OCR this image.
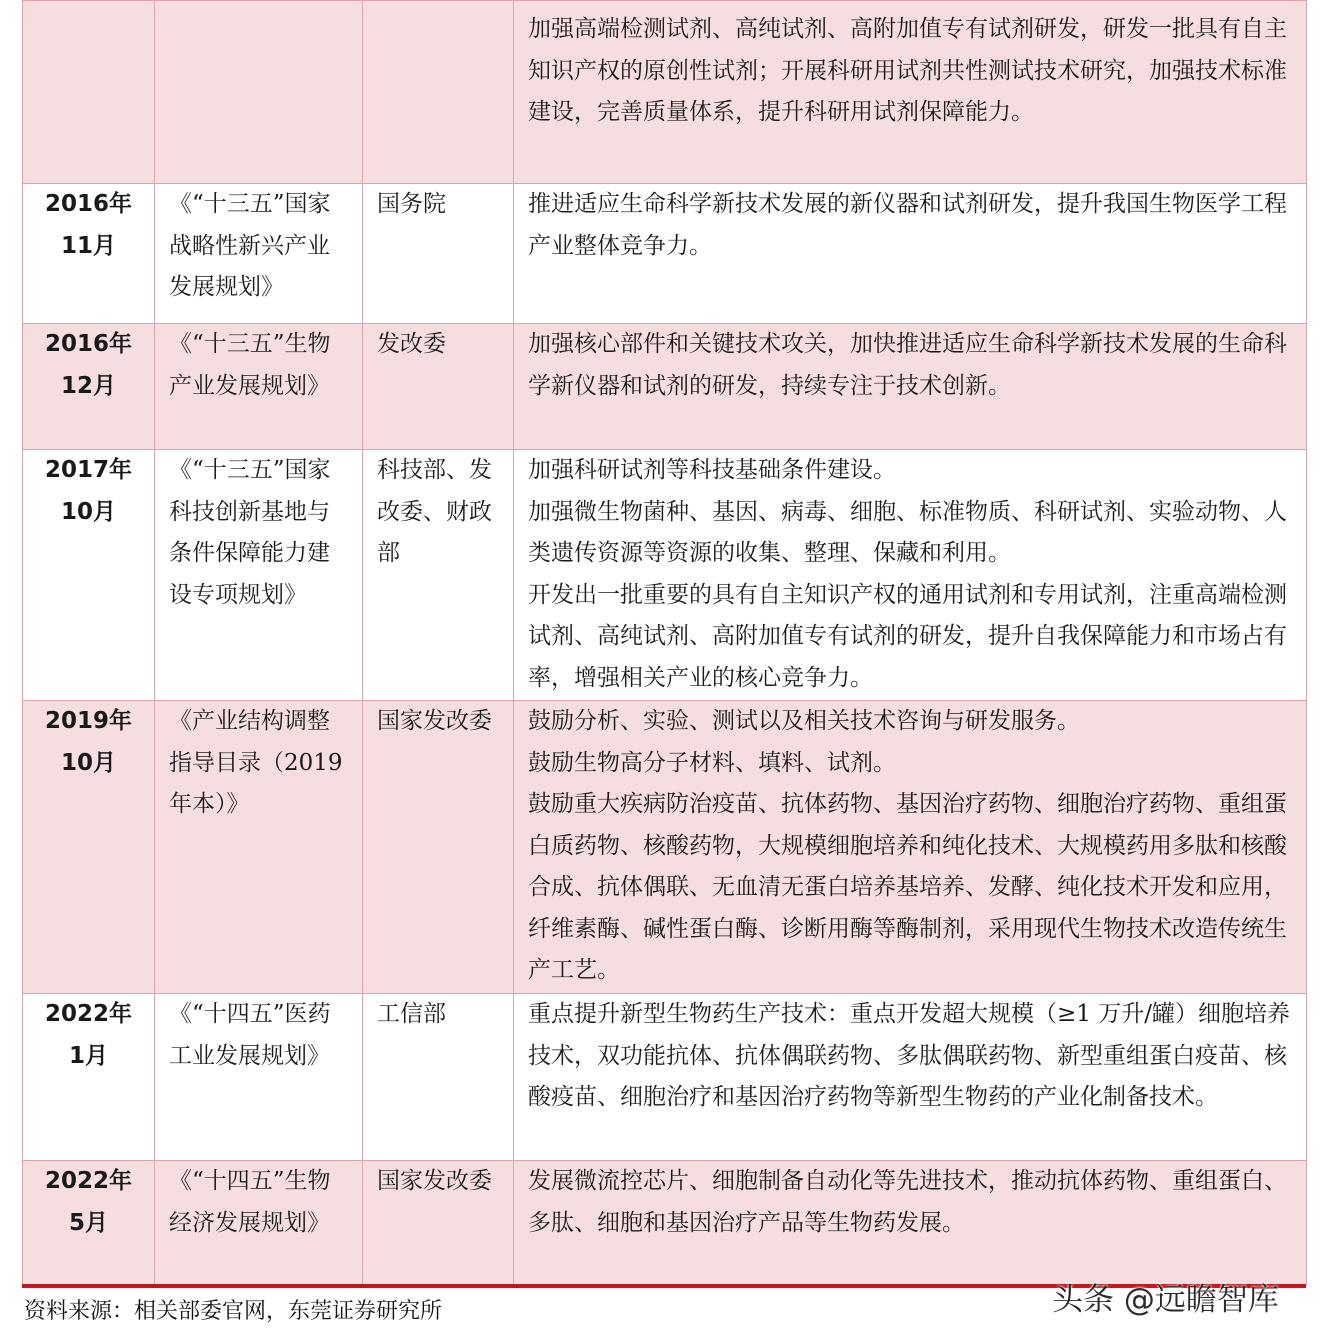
			加强高端检测试剂、高纯试剂、高附加值专有试剂研发，研发一批具有自主知识产权的原创性试剂；开展科研用试剂共性测试技术研究，加强技术标准建设，完善质量体系，提升科研用试剂保障能力。

2016年11月	《“十三五”国家战略性新兴产业发展规划》	国务院	推进适应生命科学新技术发展的新仪器和试剂研发，提升我国生物医学工程产业整体竞争力。

2016年12月	《“十三五”生物产业发展规划》	发改委	加强核心部件和关键技术攻关，加快推进适应生命科学新技术发展的生命科学新仪器和试剂的研发，持续专注于技术创新。

2017年10月	《“十三五”国家科技创新基地与条件保障能力建设专项规划》	科技部、发改委、财政部	加强科研试剂等科技基础条件建设。
加强微生物菌种、基因、病毒、细胞、标准物质、科研试剂、实验动物、人类遗传资源等资源的收集、整理、保藏和利用。
开发出一批重要的具有自主知识产权的通用试剂和专用试剂，注重高端检测试剂、高纯试剂、高附加值专有试剂的研发，提升自我保障能力和市场占有率，增强相关产业的核心竞争力。

2019年10月	《产业结构调整指导目录（2019年本）》	国家发改委	鼓励分析、实验、测试以及相关技术咨询与研发服务。
鼓励生物高分子材料、填料、试剂。
鼓励重大疾病防治疫苗、抗体药物、基因治疗药物、细胞治疗药物、重组蛋白质药物、核酸药物，大规模细胞培养和纯化技术、大规模药用多肽和核酸合成、抗体偶联、无血清无蛋白培养基培养、发酵、纯化技术开发和应用，纤维素酶、碱性蛋白酶、诊断用酶等酶制剂，采用现代生物技术改造传统生产工艺。

2022年1月	《“十四五”医药工业发展规划》	工信部	重点提升新型生物药生产技术：重点开发超大规模（≥1 万升/罐）细胞培养技术，双功能抗体、抗体偶联药物、多肽偶联药物、新型重组蛋白疫苗、核酸疫苗、细胞治疗和基因治疗药物等新型生物药的产业化制备技术。

2022年5月	《“十四五”生物经济发展规划》	国家发改委	发展微流控芯片、细胞制备自动化等先进技术，推动抗体药物、重组蛋白、多肽、细胞和基因治疗产品等生物药发展。
资料来源：相关部委官网，东莞证券研究所	头条 @远瞻智库
